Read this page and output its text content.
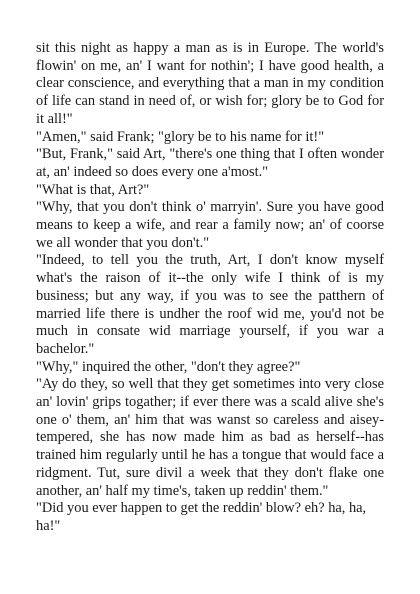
sit this night as happy a man as is in Europe. The world's flowin' on me, an' I want for nothin'; I have good health, a clear conscience, and everything that a man in my condition of life can stand in need of, or wish for; glory be to God for it all!"

"Amen," said Frank; "glory be to his name for it!"

"But, Frank," said Art, "there's one thing that I often wonder at, an' indeed so does every one a'most."

"What is that, Art?"

"Why, that you don't think o' marryin'. Sure you have good means to keep a wife, and rear a family now; an' of coorse we all wonder that you don't."

"Indeed, to tell you the truth, Art, I don't know myself what's the raison of it--the only wife I think of is my business; but any way, if you was to see the patthern of married life there is undher the roof wid me, you'd not be much in consate wid marriage yourself, if you war a bachelor."

"Why," inquired the other, "don't they agree?"

"Ay do they, so well that they get sometimes into very close an' lovin' grips togather; if ever there was a scald alive she's one o' them, an' him that was wanst so careless and aisey-tempered, she has now made him as bad as herself--has trained him regularly until he has a tongue that would face a ridgment. Tut, sure divil a week that they don't flake one another, an' half my time's, taken up reddin' them."

"Did you ever happen to get the reddin' blow? eh? ha, ha, ha!"
